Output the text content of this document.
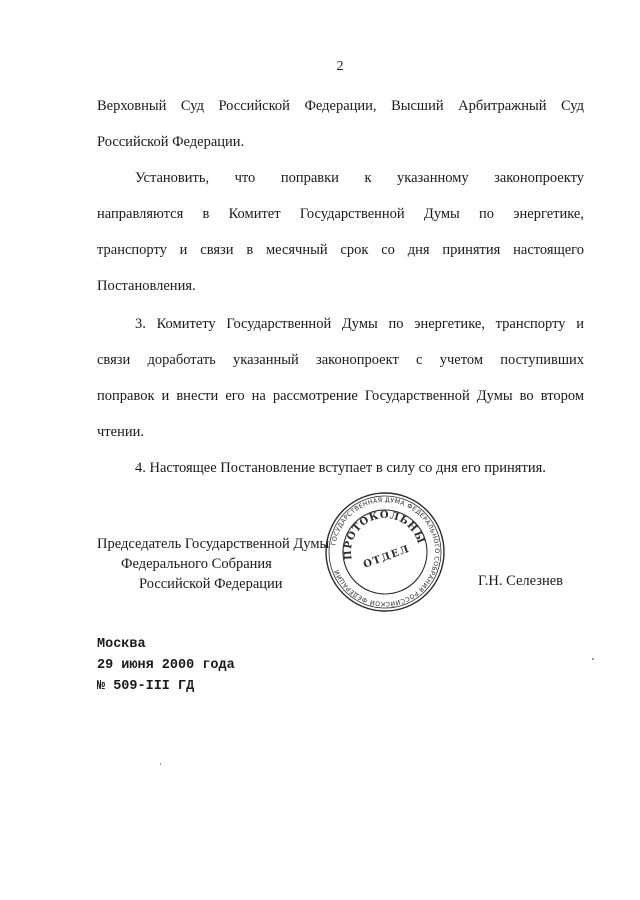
2
Верховный Суд Российской Федерации, Высший Арбитражный Суд
Российской Федерации.
Установить, что поправки к указанному законопроекту
направляются в Комитет Государственной Думы по энергетике,
транспорту и связи в месячный срок со дня принятия настоящего
Постановления.
3. Комитету Государственной Думы по энергетике, транспорту и
связи доработать указанный законопроект с учетом поступивших
поправок и внести его на рассмотрение Государственной Думы во втором
чтении.
4. Настоящее Постановление вступает в силу со дня его принятия.
Председатель Государственной Думы
Федерального Собрания
Российской Федерации	Г.Н. Селезнев
ГОСУДАРСТВЕННАЯ ДУМА ФЕДЕРАЛЬНОГО СОБРАНИЯ РОССИЙСКОЙ ФЕДЕРАЦИИ
ПРОТОКОЛЬНЫЙ
ОТДЕЛ
Москва
29 июня 2000 года
№ 509-III ГД
